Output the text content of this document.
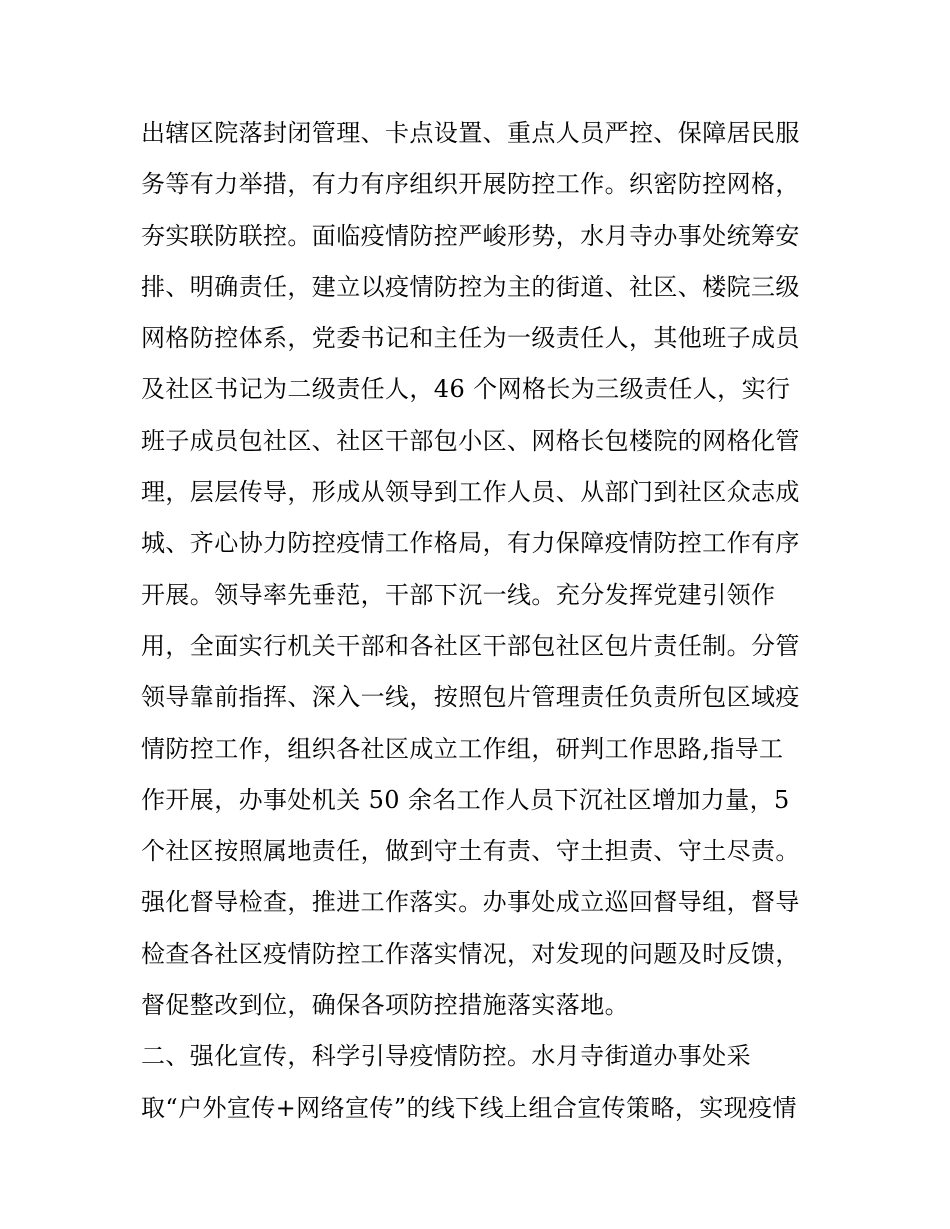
出辖区院落封闭管理、卡点设置、重点人员严控、保障居民服
务等有力举措，有力有序组织开展防控工作。织密防控网格，
夯实联防联控。面临疫情防控严峻形势，水月寺办事处统筹安
排、明确责任，建立以疫情防控为主的街道、社区、楼院三级
网格防控体系，党委书记和主任为一级责任人，其他班子成员
及社区书记为二级责任人，46 个网格长为三级责任人，实行
班子成员包社区、社区干部包小区、网格长包楼院的网格化管
理，层层传导，形成从领导到工作人员、从部门到社区众志成
城、齐心协力防控疫情工作格局，有力保障疫情防控工作有序
开展。领导率先垂范，干部下沉一线。充分发挥党建引领作
用，全面实行机关干部和各社区干部包社区包片责任制。分管
领导靠前指挥、深入一线，按照包片管理责任负责所包区域疫
情防控工作，组织各社区成立工作组，研判工作思路,指导工
作开展，办事处机关 50 余名工作人员下沉社区增加力量，5
个社区按照属地责任，做到守土有责、守土担责、守土尽责。
强化督导检查，推进工作落实。办事处成立巡回督导组，督导
检查各社区疫情防控工作落实情况，对发现的问题及时反馈，
督促整改到位，确保各项防控措施落实落地。
二、强化宣传，科学引导疫情防控。水月寺街道办事处采
取“户外宣传+网络宣传”的线下线上组合宣传策略，实现疫情
